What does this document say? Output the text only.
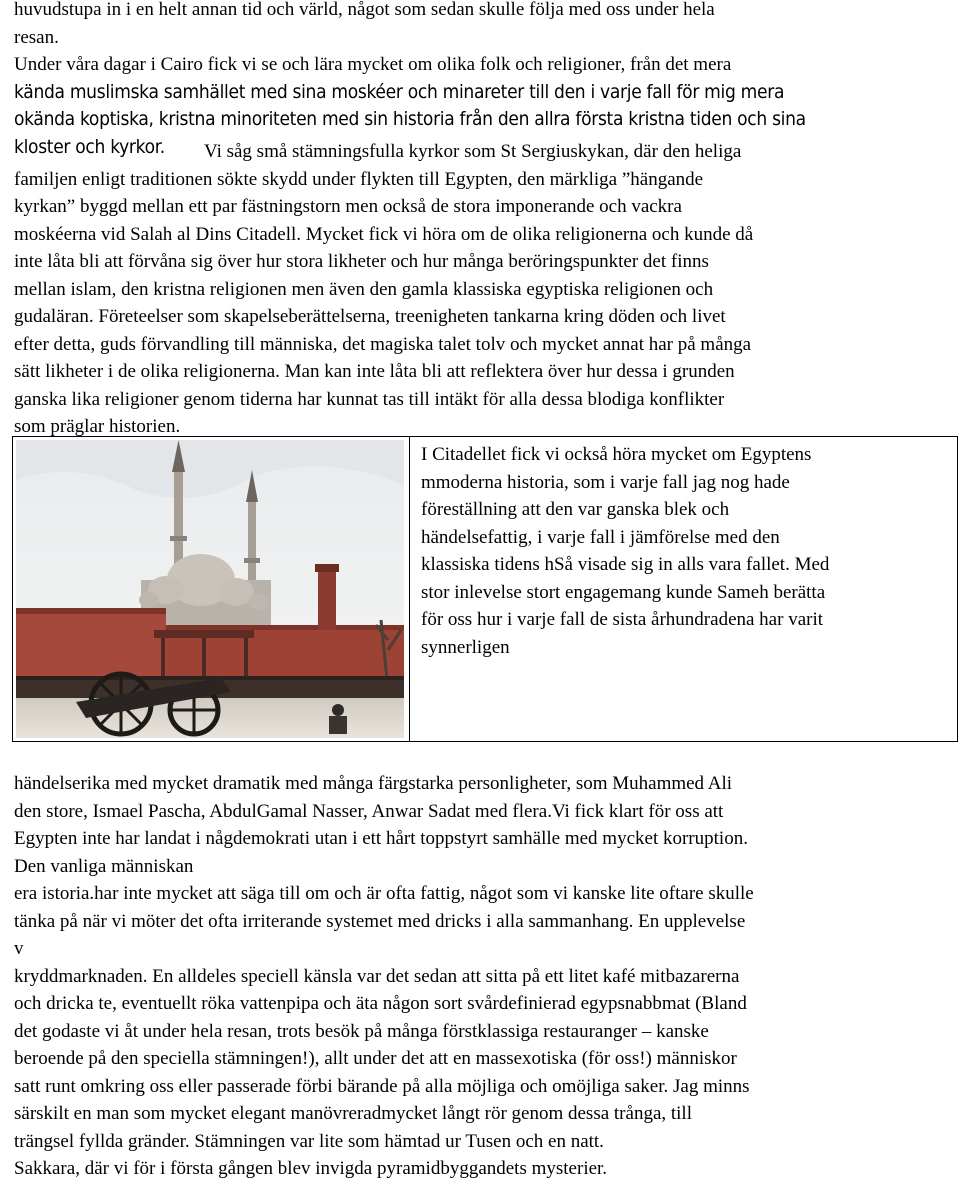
huvudstupa in i en helt annan tid och värld, något som sedan skulle följa med oss under hela
resan.
Under våra dagar i Cairo fick vi se och lära mycket om olika folk och religioner, från det mera

kända muslimska samhället med sina moskéer och minareter till den i varje fall för mig mera
okända koptiska, kristna minoriteten med sin historia från den allra första kristna tiden och sina
kloster och kyrkor.	Vi såg små stämningsfulla kyrkor som St Sergiuskykan, där den heliga
familjen enligt traditionen sökte skydd under flykten till Egypten, den märkliga ”hängande
kyrkan” byggd mellan ett par fästningstorn men också de stora imponerande och vackra
moskéerna vid Salah al Dins Citadell. Mycket fick vi höra om de olika religionerna och kunde då
inte låta bli att förvåna sig över hur stora likheter och hur många beröringspunkter det finns
mellan islam, den kristna religionen men även den gamla klassiska egyptiska religionen och
gudaläran. Företeelser som skapelseberättelserna, treenigheten tankarna kring döden och livet
efter detta, guds förvandling till människa, det magiska talet tolv och mycket annat har på många
sätt likheter i de olika religionerna. Man kan inte låta bli att reflektera över hur dessa i grunden
ganska lika religioner genom tiderna har kunnat tas till intäkt för alla dessa blodiga konflikter
som präglar historien.

I Citadellet fick vi också höra mycket om Egyptens
mmoderna historia, som i varje fall jag nog hade
föreställning att den var ganska blek och
händelsefattig, i varje fall i jämförelse med den
klassiska tidens hSå visade sig in alls vara fallet. Med
stor inlevelse stort engagemang kunde Sameh berätta
för oss hur i varje fall de sista århundradena har varit
synnerligen

händelserika med mycket dramatik med många färgstarka personligheter, som Muhammed Ali
den store, Ismael Pascha, AbdulGamal Nasser, Anwar Sadat med flera.Vi fick klart för oss att
Egypten inte har landat i någdemokrati utan i ett hårt toppstyrt samhälle med mycket korruption.
Den vanliga människan
era istoria.har inte mycket att säga till om och är ofta fattig, något som vi kanske lite oftare skulle
tänka på när vi möter det ofta irriterande systemet med dricks i alla sammanhang. En upplevelse
v
kryddmarknaden. En alldeles speciell känsla var det sedan att sitta på ett litet kafé mitbazarerna
och dricka te, eventuellt röka vattenpipa och äta någon sort svårdefinierad egypsnabbmat (Bland
det godaste vi åt under hela resan, trots besök på många förstklassiga restauranger – kanske
beroende på den speciella stämningen!), allt under det att en massexotiska (för oss!) människor
satt runt omkring oss eller passerade förbi bärande på alla möjliga och omöjliga saker. Jag minns
särskilt en man som mycket elegant manövreradmycket långt rör genom dessa trånga, till
trängsel fyllda gränder. Stämningen var lite som hämtad ur Tusen och en natt.
Sakkara, där vi för i första gången blev invigda pyramidbyggandets mysterier.
